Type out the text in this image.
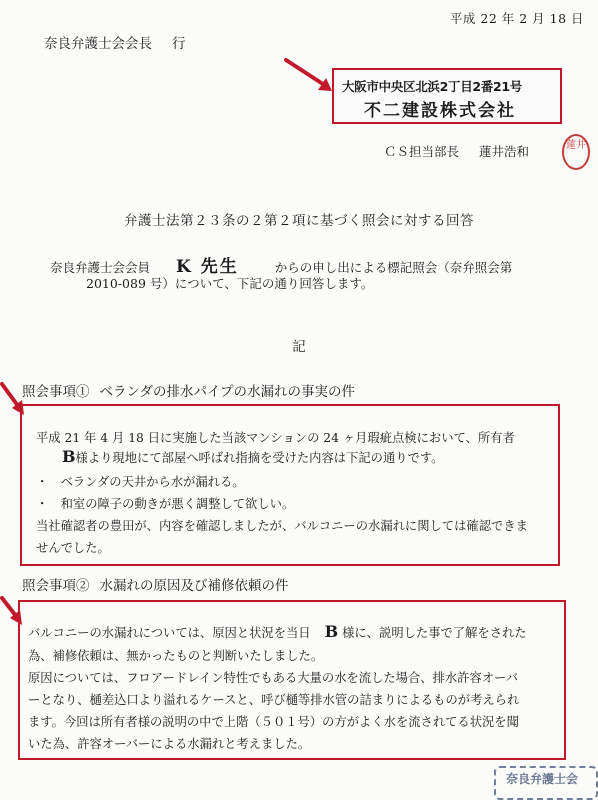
平成 22 年 2 月 18 日
奈良弁護士会会長 行
大阪市中央区北浜2丁目2番21号
不二建設株式会社
ＣＳ担当部長 蓮井浩和	蓮井
弁護士法第２３条の２第２項に基づく照会に対する回答
奈良弁護士会会員 K 先生	からの申し出による標記照会（奈弁照会第
2010-089 号）について、下記の通り回答します。
記
照会事項① ベランダの排水パイプの水漏れの事実の件
平成 21 年 4 月 18 日に実施した当該マンションの 24 ヶ月瑕疵点検において、所有者
B様より現地にて部屋へ呼ばれ指摘を受けた内容は下記の通りです。
・　ベランダの天井から水が漏れる。
・　和室の障子の動きが悪く調整して欲しい。
当社確認者の豊田が、内容を確認しましたが、バルコニーの水漏れに関しては確認できま
せんでした。
照会事項② 水漏れの原因及び補修依頼の件
バルコニーの水漏れについては、原因と状況を当日 B 様に、説明した事で了解をされた
為、補修依頼は、無かったものと判断いたしました。
原因については、フロアードレイン特性でもある大量の水を流した場合、排水許容オーバ
ーとなり、樋差込口より溢れるケースと、呼び樋等排水管の詰まりによるものが考えられ
ます。今回は所有者様の説明の中で上階（５０１号）の方がよく水を流されてる状況を聞
いた為、許容オーバーによる水漏れと考えました。
奈良弁護士会
